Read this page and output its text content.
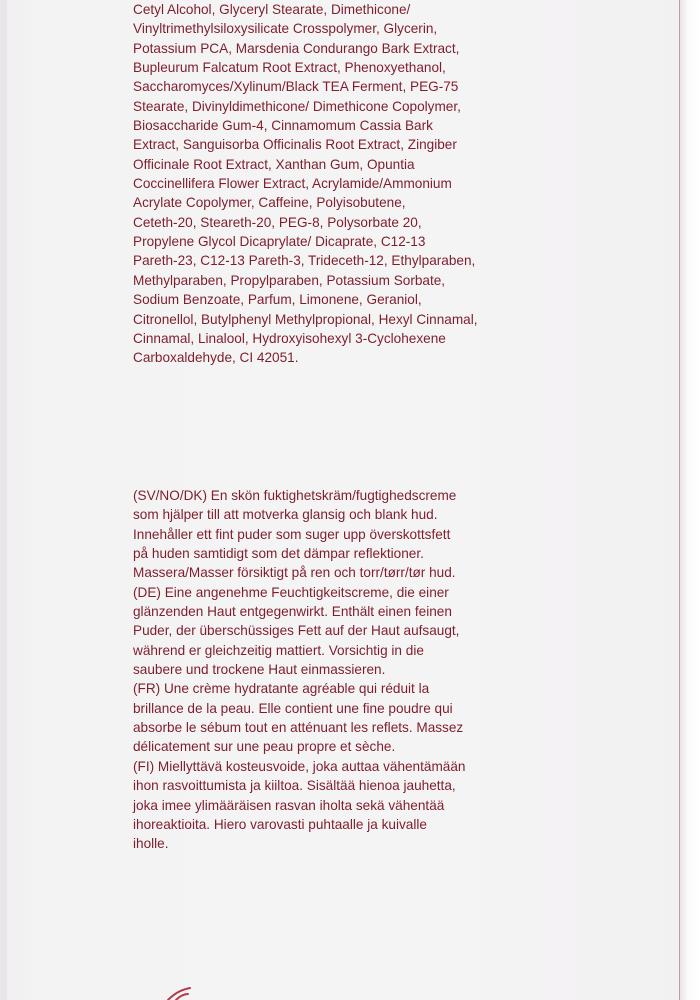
Cetyl Alcohol, Glyceryl Stearate, Dimethicone/
Vinyltrimethylsiloxysilicate Crosspolymer, Glycerin,
Potassium PCA, Marsdenia Condurango Bark Extract,
Bupleurum Falcatum Root Extract, Phenoxyethanol,
Saccharomyces/Xylinum/Black TEA Ferment, PEG-75
Stearate, Divinyldimethicone/ Dimethicone Copolymer,
Biosaccharide Gum-4, Cinnamomum Cassia Bark
Extract, Sanguisorba Officinalis Root Extract, Zingiber
Officinale Root Extract, Xanthan Gum, Opuntia
Coccinellifera Flower Extract, Acrylamide/Ammonium
Acrylate Copolymer, Caffeine, Polyisobutene,
Ceteth-20, Steareth-20, PEG-8, Polysorbate 20,
Propylene Glycol Dicaprylate/ Dicaprate, C12-13
Pareth-23, C12-13 Pareth-3, Trideceth-12, Ethylparaben,
Methylparaben, Propylparaben, Potassium Sorbate,
Sodium Benzoate, Parfum, Limonene, Geraniol,
Citronellol, Butylphenyl Methylpropional, Hexyl Cinnamal,
Cinnamal, Linalool, Hydroxyisohexyl 3-Cyclohexene
Carboxaldehyde, CI 42051.
(SV/NO/DK) En skön fuktighetskräm/fugtighedscreme
som hjälper till att motverka glansig och blank hud.
Innehåller ett fint puder som suger upp överskottsfett
på huden samtidigt som det dämpar reflektioner.
Massera/Masser försiktigt på ren och torr/tørr/tør hud.
(DE) Eine angenehme Feuchtigkeitscreme, die einer
glänzenden Haut entgegenwirkt. Enthält einen feinen
Puder, der überschüssiges Fett auf der Haut aufsaugt,
während er gleichzeitig mattiert. Vorsichtig in die
saubere und trockene Haut einmassieren.
(FR) Une crème hydratante agréable qui réduit la
brillance de la peau. Elle contient une fine poudre qui
absorbe le sébum tout en atténuant les reflets. Massez
délicatement sur une peau propre et sèche.
(FI) Miellyttävä kosteusvoide, joka auttaa vähentämään
ihon rasvoittumista ja kiiltoa. Sisältää hienoa jauhetta,
joka imee ylimääräisen rasvan iholta sekä vähentää
ihoreaktioita. Hiero varovasti puhtaalle ja kuivalle
iholle.
